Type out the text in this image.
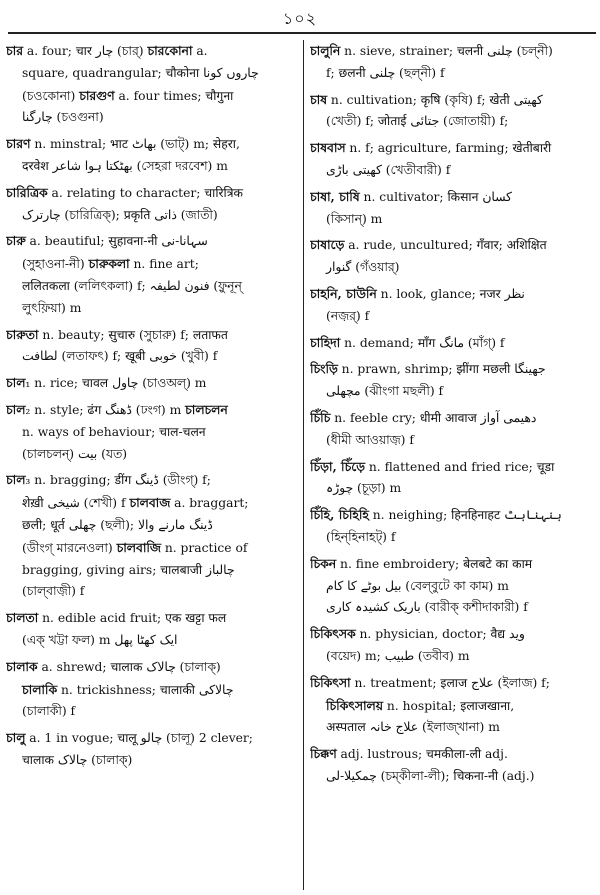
১০২
চার a. four; चार چار (চার্) চারকোনা a.
square, quadrangular; चौकोना چاروں کونا
(চওকোনা) চারগুণ a. four times; चौगुना
چارگنا (চওগুনা)
চারণ n. minstral; भाट بھاٹ (ভাট্) m; सेहरा,
दरवेश بھٹکتا ہوا شاعر (সেহরা দরবেশ) m
চারিত্রিক a. relating to character; चारित्रिक
چارترک (চারিত্রিক্); प्रकृति ذاتی (জাতী)
চারু a. beautiful; सुहावना-नी سہانا-نی
(সুহাওনা-নী) চারুকলা n. fine art;
ललितकला (ললিৎকলা) f; فنون لطیفہ (ফ়ুনূন্
লুৎফ়িয়া) m
চারুতা n. beauty; सुचारु (সুচারু) f; लताफत
لطافت (লতাফৎ) f; खूबी خوبی (খুবী) f
চাল₁ n. rice; चावल چاول (চাওঅল্) m
চাল₂ n. style; ढंग ڈھنگ (ঢংগ) m চালচলন
n. ways of behaviour; चाल-चलन
(চালচলন্) بیت (যত)
চাল₃ n. bragging; डींग ڈینگ (ডীংগ্) f;
शेख़ी شیخی (শেখী) f চালবাজ a. braggart;
छली; धूर्त چھلی (ছলী); ڈینگ مارنے والا
(ডীংগ্ মারনেওলা) চালবাজি n. practice of
bragging, giving airs; चालबाजी چالباز
(চাল্‌বাজ়ী) f
চালতা n. edible acid fruit; एक खट्टा फल
(এক্ খট্টা ফল) m ایک کھٹا پھل
চালাক a. shrewd; चालाक چالاک (চালাক্)
চালাকি n. trickishness; चालाकी چالاکی
(চালাকী) f
চালু a. 1 in vogue; चालू چالو (চালূ) 2 clever;
चालाक چالاک (চালাক্)
চালুনি n. sieve, strainer; चलनी چلنی (চল্‌নী)
f; छलनी چلنی (ছল্‌নী) f
চাষ n. cultivation; कृषि (কৃষি) f; खेती کھیتی
(খেতী) f; जोताई جتائی (জোতায়ী) f;
চাষবাস n. f; agriculture, farming; खेतीबारी
کھیتی باڑی (খেতীবারী) f
চাষা, চাষি n. cultivator; किसान کسان
(কিসান্) m
চাষাড়ে a. rude, uncultured; गँवार; अशिक्षित
گنوار (গঁওয়ার্)
চাহনি, চাউনি n. look, glance; नजर نظر
(নজ়র্) f
চাহিদা n. demand; माँग مانگ (মাঁগ্) f
চিংড়ি n. prawn, shrimp; झींगा मछली جھینگا
مچھلی (ঝীংগা মছলী) f
চিঁচি n. feeble cry; धीमी आवाज دھیمی آواز
(ধীমী আওয়াজ়) f
চিঁড়া, চিঁড়ে n. flattened and fried rice; चूडा
چوڑہ (চূড়া) m
চিঁহি, চিহিহি n. neighing; हिनहिनाहट ہنہناہٹ
(হিন্‌হিনাহট্) f
চিকন n. fine embroidery; बेलबटे का काम
بیل بوٹے کا کام (বেল্‌বুটে কা কাম) m
باریک کشیدہ کاری (বারীক্ কশীদাকারী) f
চিকিৎসক n. physician, doctor; वैद्य وید
(বয়েদ) m; طبیب (তবীব) m
চিকিৎসা n. treatment; इलाज علاج (ইলাজ) f;
চিকিৎসালয় n. hospital; इलाजखाना,
अस्पताल علاج خانہ (ইলাজ্‌খানা) m
চিক্কণ adj. lustrous; चमकीला-ली adj.
چمکیلا-لی (চম্‌কীলা-লী); चिकना-नी (adj.)
